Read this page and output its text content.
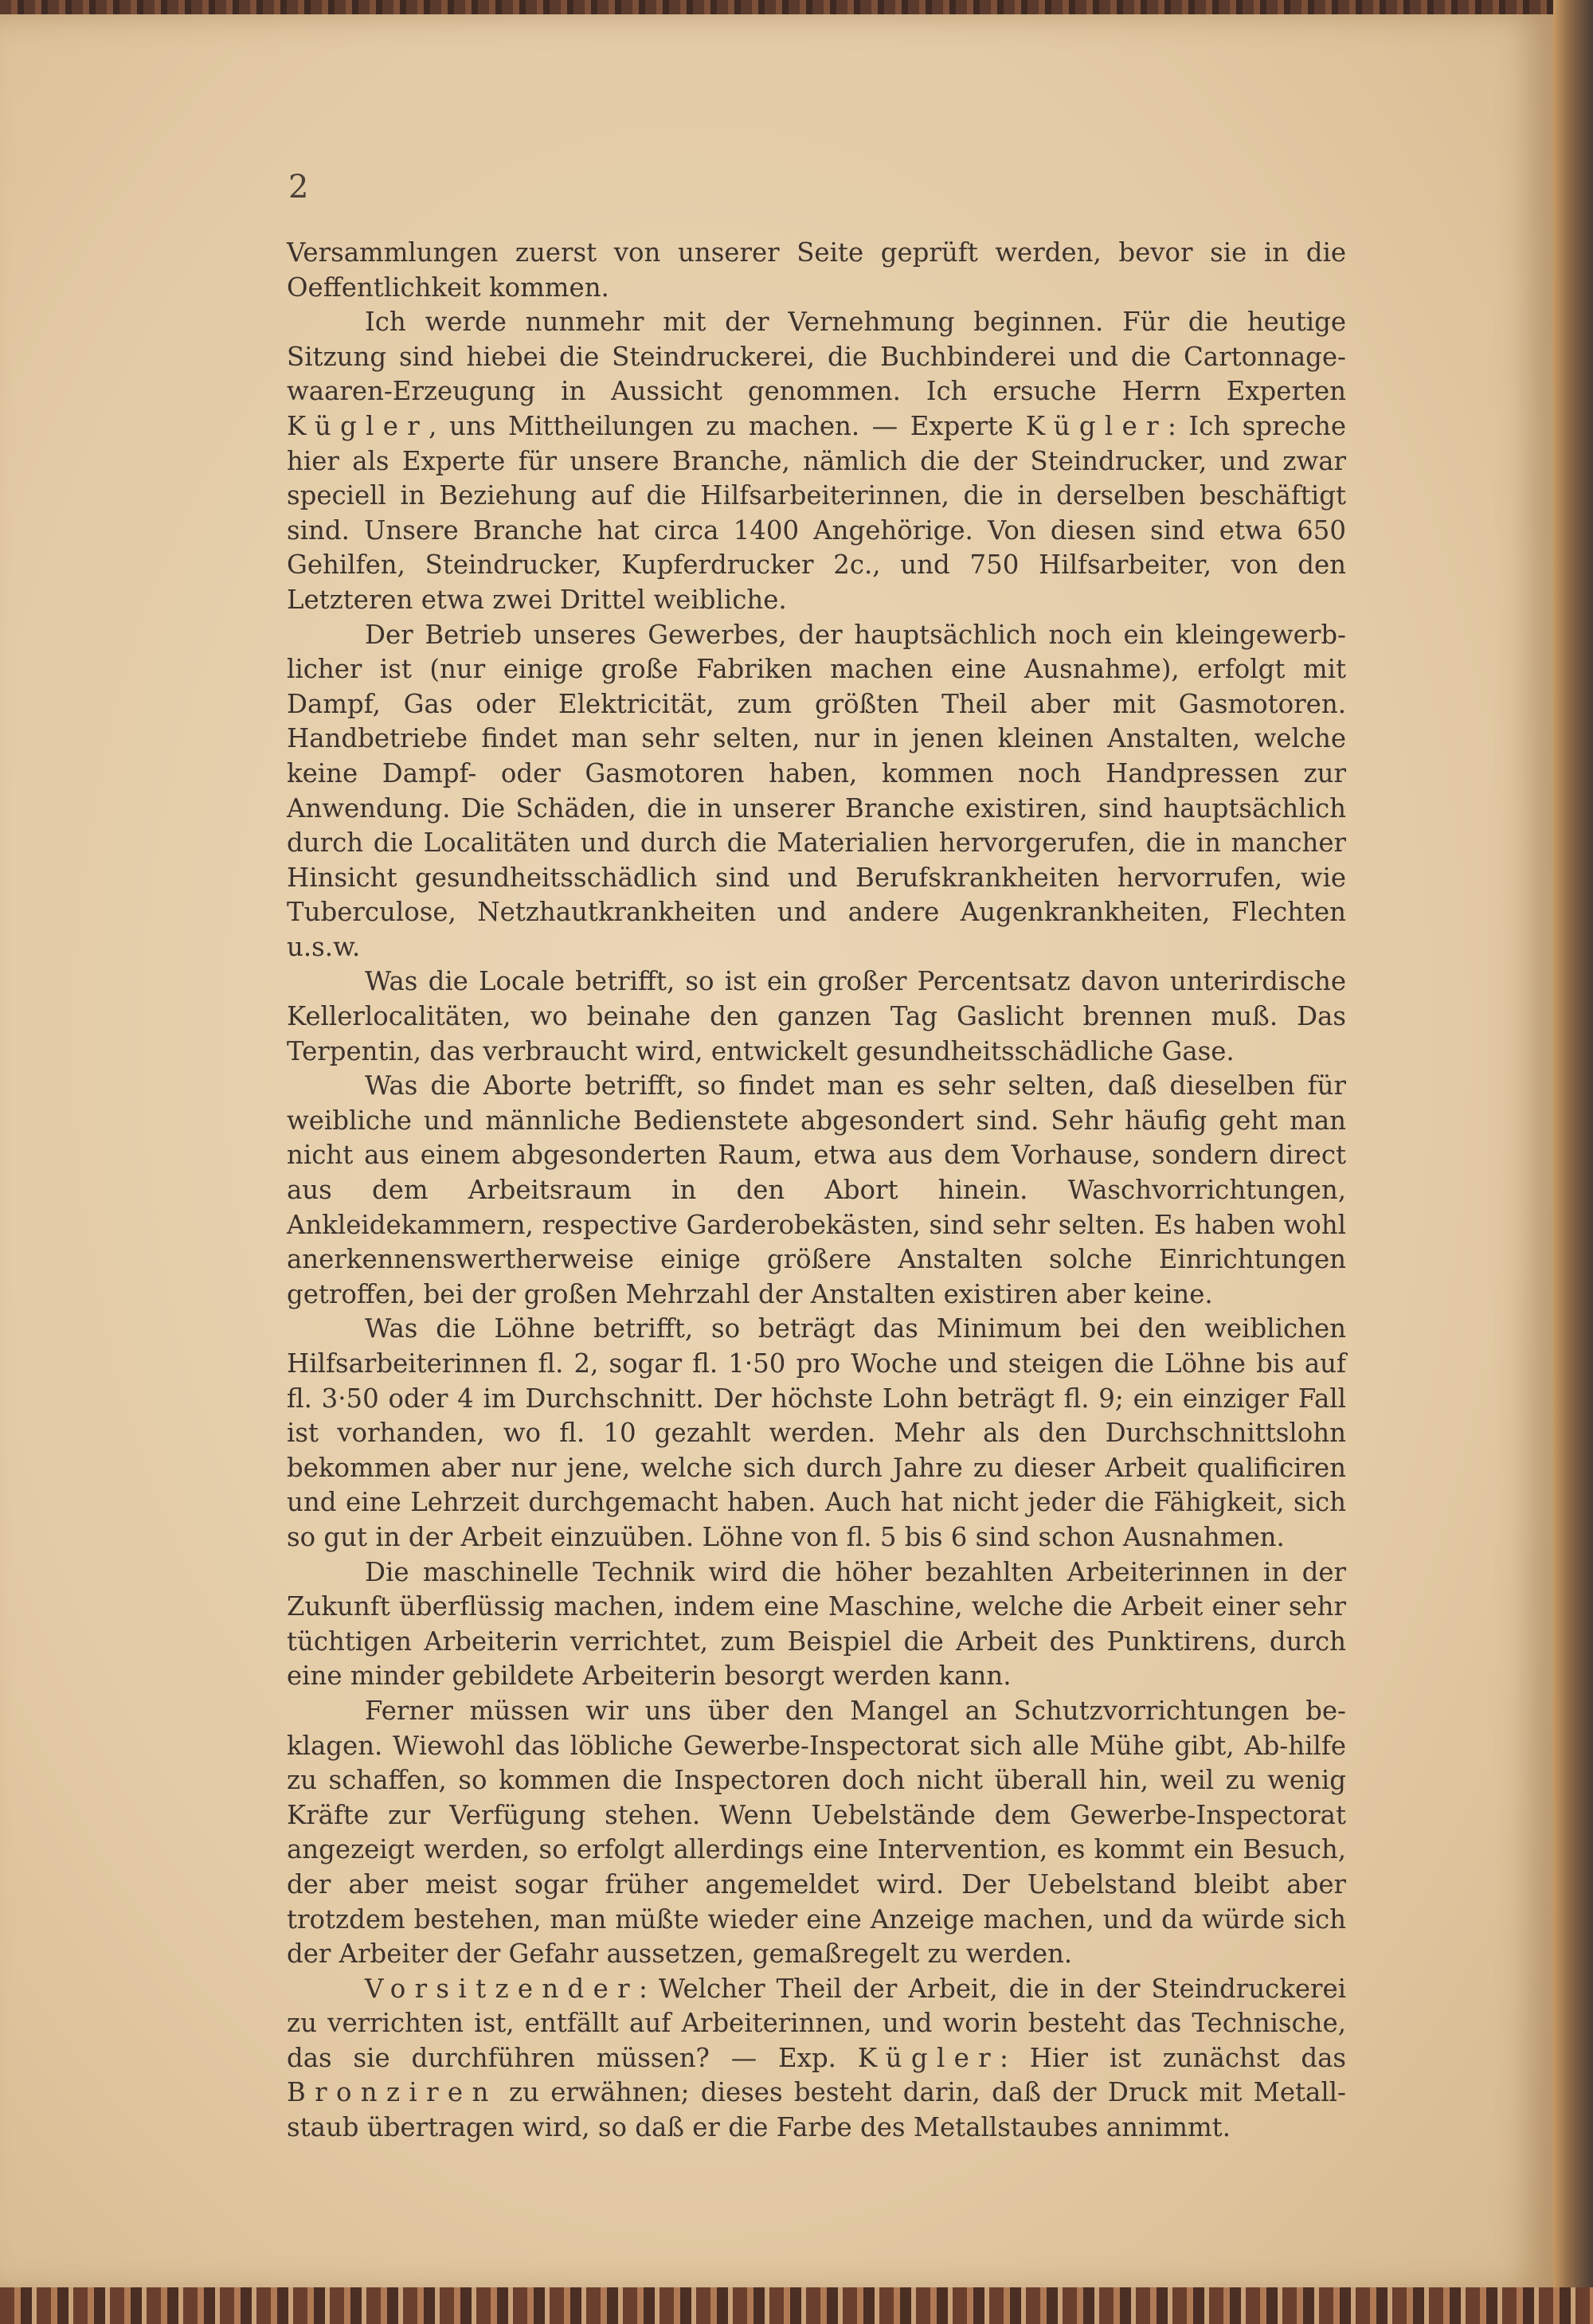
2

Versammlungen zuerst von unserer Seite geprüft werden, bevor sie in die Oeffentlichkeit kommen.

Ich werde nunmehr mit der Vernehmung beginnen. Für die heutige Sitzung sind hiebei die Steindruckerei, die Buchbinderei und die Cartonnage-waaren-Erzeugung in Aussicht genommen. Ich ersuche Herrn Experten Kügler, uns Mittheilungen zu machen. — Experte Kügler: Ich spreche hier als Experte für unsere Branche, nämlich die der Steindrucker, und zwar speciell in Beziehung auf die Hilfsarbeiterinnen, die in derselben beschäftigt sind. Unsere Branche hat circa 1400 Angehörige. Von diesen sind etwa 650 Gehilfen, Steindrucker, Kupferdrucker 2c., und 750 Hilfsarbeiter, von den Letzteren etwa zwei Drittel weibliche.

Der Betrieb unseres Gewerbes, der hauptsächlich noch ein kleingewerb-licher ist (nur einige große Fabriken machen eine Ausnahme), erfolgt mit Dampf, Gas oder Elektricität, zum größten Theil aber mit Gasmotoren. Handbetriebe findet man sehr selten, nur in jenen kleinen Anstalten, welche keine Dampf- oder Gasmotoren haben, kommen noch Handpressen zur Anwendung. Die Schäden, die in unserer Branche existiren, sind hauptsächlich durch die Localitäten und durch die Materialien hervorgerufen, die in mancher Hinsicht gesundheitsschädlich sind und Berufskrankheiten hervorrufen, wie Tuberculose, Netzhautkrankheiten und andere Augenkrankheiten, Flechten u.s.w.

Was die Locale betrifft, so ist ein großer Percentsatz davon unterirdische Kellerlocalitäten, wo beinahe den ganzen Tag Gaslicht brennen muß. Das Terpentin, das verbraucht wird, entwickelt gesundheitsschädliche Gase.

Was die Aborte betrifft, so findet man es sehr selten, daß dieselben für weibliche und männliche Bedienstete abgesondert sind. Sehr häufig geht man nicht aus einem abgesonderten Raum, etwa aus dem Vorhause, sondern direct aus dem Arbeitsraum in den Abort hinein. Waschvorrichtungen, Ankleidekammern, respective Garderobekästen, sind sehr selten. Es haben wohl anerkennenswertherweise einige größere Anstalten solche Einrichtungen getroffen, bei der großen Mehrzahl der Anstalten existiren aber keine.

Was die Löhne betrifft, so beträgt das Minimum bei den weiblichen Hilfsarbeiterinnen fl. 2, sogar fl. 1·50 pro Woche und steigen die Löhne bis auf fl. 3·50 oder 4 im Durchschnitt. Der höchste Lohn beträgt fl. 9; ein einziger Fall ist vorhanden, wo fl. 10 gezahlt werden. Mehr als den Durchschnittslohn bekommen aber nur jene, welche sich durch Jahre zu dieser Arbeit qualificiren und eine Lehrzeit durchgemacht haben. Auch hat nicht jeder die Fähigkeit, sich so gut in der Arbeit einzuüben. Löhne von fl. 5 bis 6 sind schon Ausnahmen.

Die maschinelle Technik wird die höher bezahlten Arbeiterinnen in der Zukunft überflüssig machen, indem eine Maschine, welche die Arbeit einer sehr tüchtigen Arbeiterin verrichtet, zum Beispiel die Arbeit des Punktirens, durch eine minder gebildete Arbeiterin besorgt werden kann.

Ferner müssen wir uns über den Mangel an Schutzvorrichtungen be-klagen. Wiewohl das löbliche Gewerbe-Inspectorat sich alle Mühe gibt, Ab-hilfe zu schaffen, so kommen die Inspectoren doch nicht überall hin, weil zu wenig Kräfte zur Verfügung stehen. Wenn Uebelstände dem Gewerbe-Inspectorat angezeigt werden, so erfolgt allerdings eine Intervention, es kommt ein Besuch, der aber meist sogar früher angemeldet wird. Der Uebelstand bleibt aber trotzdem bestehen, man müßte wieder eine Anzeige machen, und da würde sich der Arbeiter der Gefahr aussetzen, gemaßregelt zu werden.

Vorsitzender: Welcher Theil der Arbeit, die in der Steindruckerei zu verrichten ist, entfällt auf Arbeiterinnen, und worin besteht das Technische, das sie durchführen müssen? — Exp. Kügler: Hier ist zunächst das Bronziren zu erwähnen; dieses besteht darin, daß der Druck mit Metall-staub übertragen wird, so daß er die Farbe des Metallstaubes annimmt.
